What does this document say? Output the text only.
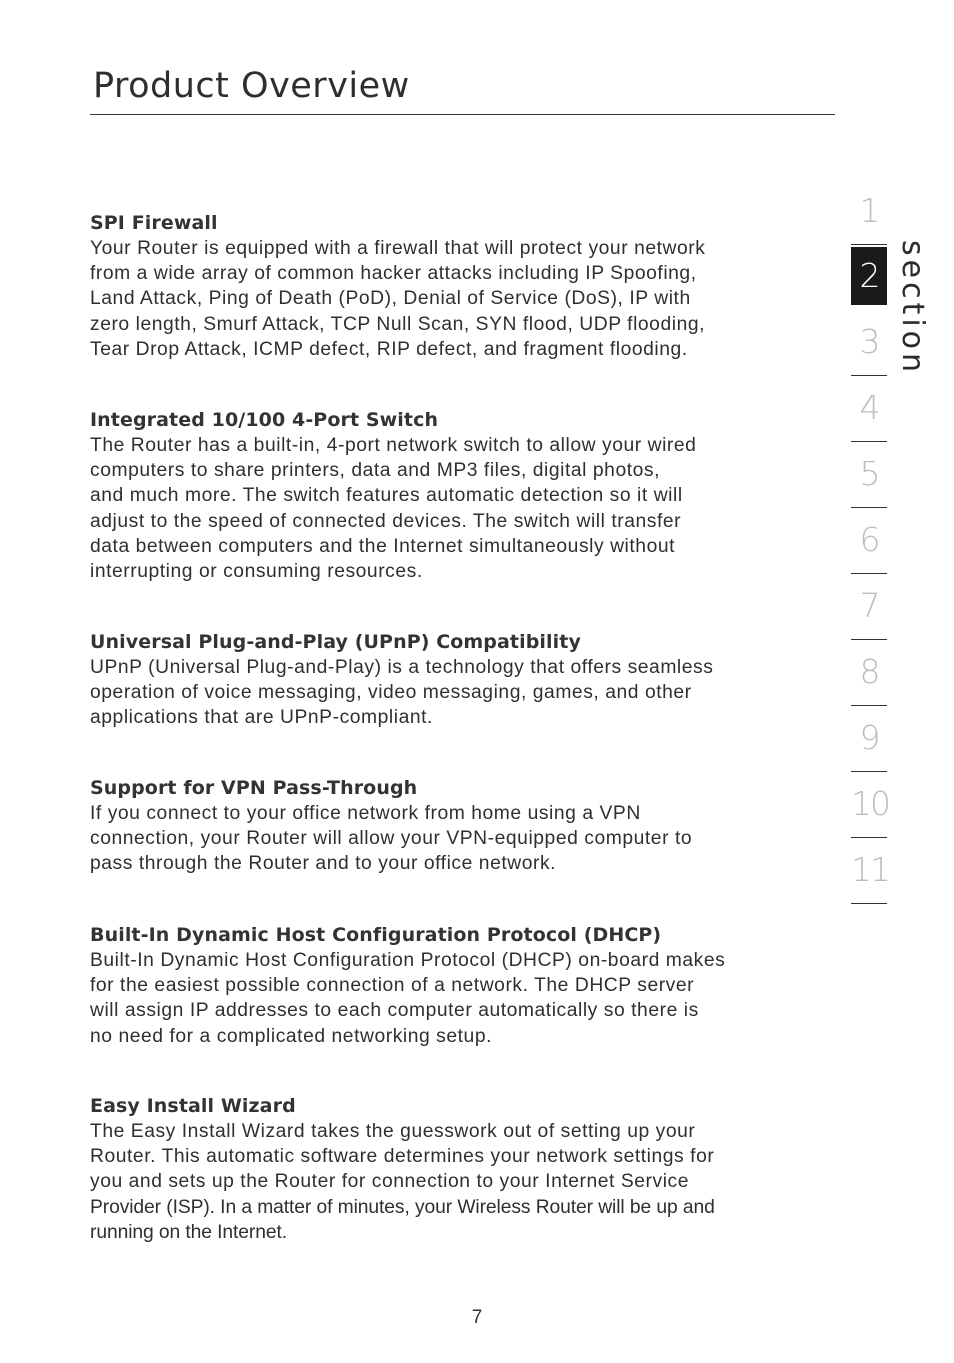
Product Overview

SPI Firewall

Your Router is equipped with a firewall that will protect your network
from a wide array of common hacker attacks including IP Spoofing,
Land Attack, Ping of Death (PoD), Denial of Service (DoS), IP with
zero length, Smurf Attack, TCP Null Scan, SYN flood, UDP flooding,
Tear Drop Attack, ICMP defect, RIP defect, and fragment flooding.

Integrated 10/100 4-Port Switch

The Router has a built-in, 4-port network switch to allow your wired
computers to share printers, data and MP3 files, digital photos,
and much more. The switch features automatic detection so it will
adjust to the speed of connected devices. The switch will transfer
data between computers and the Internet simultaneously without
interrupting or consuming resources.

Universal Plug-and-Play (UPnP) Compatibility

UPnP (Universal Plug-and-Play) is a technology that offers seamless
operation of voice messaging, video messaging, games, and other
applications that are UPnP-compliant.

Support for VPN Pass-Through

If you connect to your office network from home using a VPN
connection, your Router will allow your VPN-equipped computer to
pass through the Router and to your office network.

Built-In Dynamic Host Configuration Protocol (DHCP)

Built-In Dynamic Host Configuration Protocol (DHCP) on-board makes
for the easiest possible connection of a network. The DHCP server
will assign IP addresses to each computer automatically so there is
no need for a complicated networking setup.

Easy Install Wizard

The Easy Install Wizard takes the guesswork out of setting up your
Router. This automatic software determines your network settings for
you and sets up the Router for connection to your Internet Service

Provider (ISP). In a matter of minutes, your Wireless Router will be up and
running on the Internet.

1
2
3
4
5
6
7
8
9
10
11
section
7
